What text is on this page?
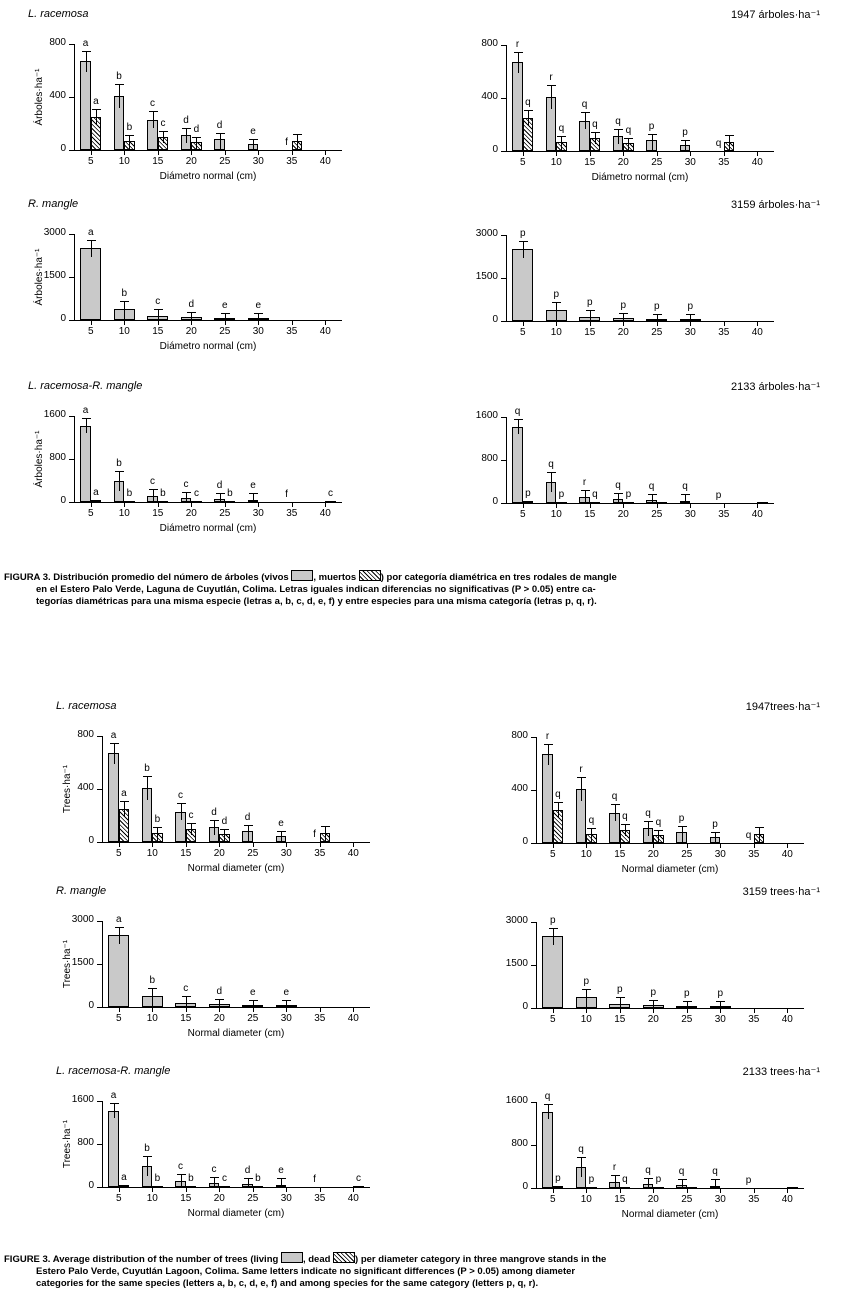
L. racemosa
0
400
800
5	10	15	20	25	30	35	40
Árboles·ha⁻¹
Diámetro normal (cm)
a
b
c
d	d
e
f
a
b	c
d
1947 árboles·ha⁻¹
0
400
800
5	10	15	20	25	30	35	40
Diámetro normal (cm)
r
r
q
q	p
p
q
q
q	q
q
R. mangle
0
1500
3000
5	10	15	20	25	30	35	40
Árboles·ha⁻¹
Diámetro normal (cm)
a
b
c	d	e	e
3159 árboles·ha⁻¹
0
1500
3000
5	10	15	20	25	30	35	40
p
p
p	p	p	p
L. racemosa-R. mangle
0
800
1600
5	10	15	20	25	30	35	40
Árboles·ha⁻¹
Diámetro normal (cm)
a
b
c	c	d	e
f
a	b	b	c	b	c
2133 árboles·ha⁻¹
0
800
1600
5	10	15	20	25	30	35	40
q
q
r	q	q	q
p
p	p	q	p
FIGURA 3. Distribución promedio del número de árboles (vivos , muertos ) por categoría diamétrica en tres rodales de mangle
en el Estero Palo Verde, Laguna de Cuyutlán, Colima. Letras iguales indican diferencias no significativas (P > 0.05) entre ca-
tegorías diamétricas para una misma especie (letras a, b, c, d, e, f) y entre especies para una misma categoría (letras p, q, r).
L. racemosa
0
400
800
5	10	15	20	25	30	35	40
Trees·ha⁻¹
Normal diameter (cm)
a
b
c
d	d
e
f
a
b	c
d
1947trees·ha⁻¹
0
400
800
5	10	15	20	25	30	35	40
Normal diameter (cm)
r
r
q
q	p
p
q
q
q	q
q
R. mangle
0
1500
3000
5	10	15	20	25	30	35	40
Trees·ha⁻¹
Normal diameter (cm)
a
b
c	d	e	e
3159 trees·ha⁻¹
0
1500
3000
5	10	15	20	25	30	35	40
p
p
p	p	p	p
L. racemosa-R. mangle
0
800
1600
5	10	15	20	25	30	35	40
Trees·ha⁻¹
Normal diameter (cm)
a
b
c	c	d	e
f
a	b	b	c	b	c
2133 trees·ha⁻¹
0
800
1600
5	10	15	20	25	30	35	40
Normal diameter (cm)
q
q
r	q	q	q
p
p	p	q	p
FIGURE 3. Average distribution of the number of trees (living , dead ) per diameter category in three mangrove stands in the
Estero Palo Verde, Cuyutlán Lagoon, Colima. Same letters indicate no significant differences (P > 0.05) among diameter
categories for the same species (letters a, b, c, d, e, f) and among species for the same category (letters p, q, r).
